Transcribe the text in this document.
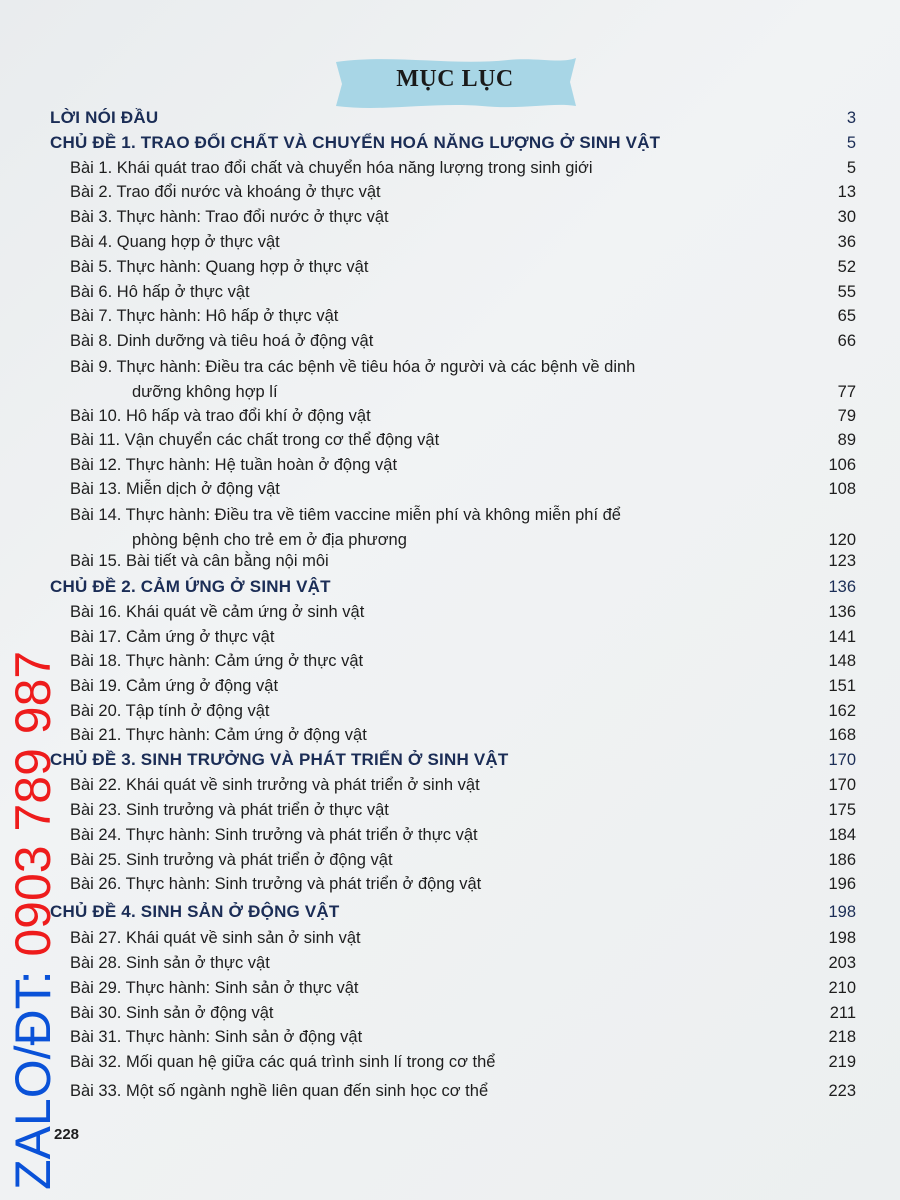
MỤC LỤC
LỜI NÓI ĐẦU	3
CHỦ ĐỀ 1. TRAO ĐỔI CHẤT VÀ CHUYỂN HOÁ NĂNG LƯỢNG Ở SINH VẬT	5
Bài 1. Khái quát trao đổi chất và chuyển hóa năng lượng trong sinh giới	5
Bài 2. Trao đổi nước và khoáng ở thực vật	13
Bài 3. Thực hành: Trao đổi nước ở thực vật	30
Bài 4. Quang hợp ở thực vật	36
Bài 5. Thực hành: Quang hợp ở thực vật	52
Bài 6. Hô hấp ở thực vật	55
Bài 7. Thực hành: Hô hấp ở thực vật	65
Bài 8. Dinh dưỡng và tiêu hoá ở động vật	66
Bài 9. Thực hành: Điều tra các bệnh về tiêu hóa ở người và các bệnh về dinh
dưỡng không hợp lí	77
Bài 10. Hô hấp và trao đổi khí ở động vật	79
Bài 11. Vận chuyển các chất trong cơ thể động vật	89
Bài 12. Thực hành: Hệ tuần hoàn ở động vật	106
Bài 13. Miễn dịch ở động vật	108
Bài 14. Thực hành: Điều tra về tiêm vaccine miễn phí và không miễn phí để
phòng bệnh cho trẻ em ở địa phương	120
Bài 15. Bài tiết và cân bằng nội môi	123
CHỦ ĐỀ 2. CẢM ỨNG Ở SINH VẬT	136
Bài 16. Khái quát về cảm ứng ở sinh vật	136
Bài 17. Cảm ứng ở thực vật	141
Bài 18. Thực hành: Cảm ứng ở thực vật	148
Bài 19. Cảm ứng ở động vật	151
Bài 20. Tập tính ở động vật	162
Bài 21. Thực hành: Cảm ứng ở động vật	168
CHỦ ĐỀ 3. SINH TRƯỞNG VÀ PHÁT TRIỂN Ở SINH VẬT	170
Bài 22. Khái quát về sinh trưởng và phát triển ở sinh vật	170
Bài 23. Sinh trưởng và phát triển ở thực vật	175
Bài 24. Thực hành: Sinh trưởng và phát triển ở thực vật	184
Bài 25. Sinh trưởng và phát triển ở động vật	186
Bài 26. Thực hành: Sinh trưởng và phát triển ở động vật	196
CHỦ ĐỀ 4. SINH SẢN Ở ĐỘNG VẬT	198
Bài 27. Khái quát về sinh sản ở sinh vật	198
Bài 28. Sinh sản ở thực vật	203
Bài 29. Thực hành: Sinh sản ở thực vật	210
Bài 30. Sinh sản ở động vật	211
Bài 31. Thực hành: Sinh sản ở động vật	218
Bài 32. Mối quan hệ giữa các quá trình sinh lí trong cơ thể	219
Bài 33. Một số ngành nghề liên quan đến sinh học cơ thể	223
228
ZALO/ĐT: 0903 789 987
